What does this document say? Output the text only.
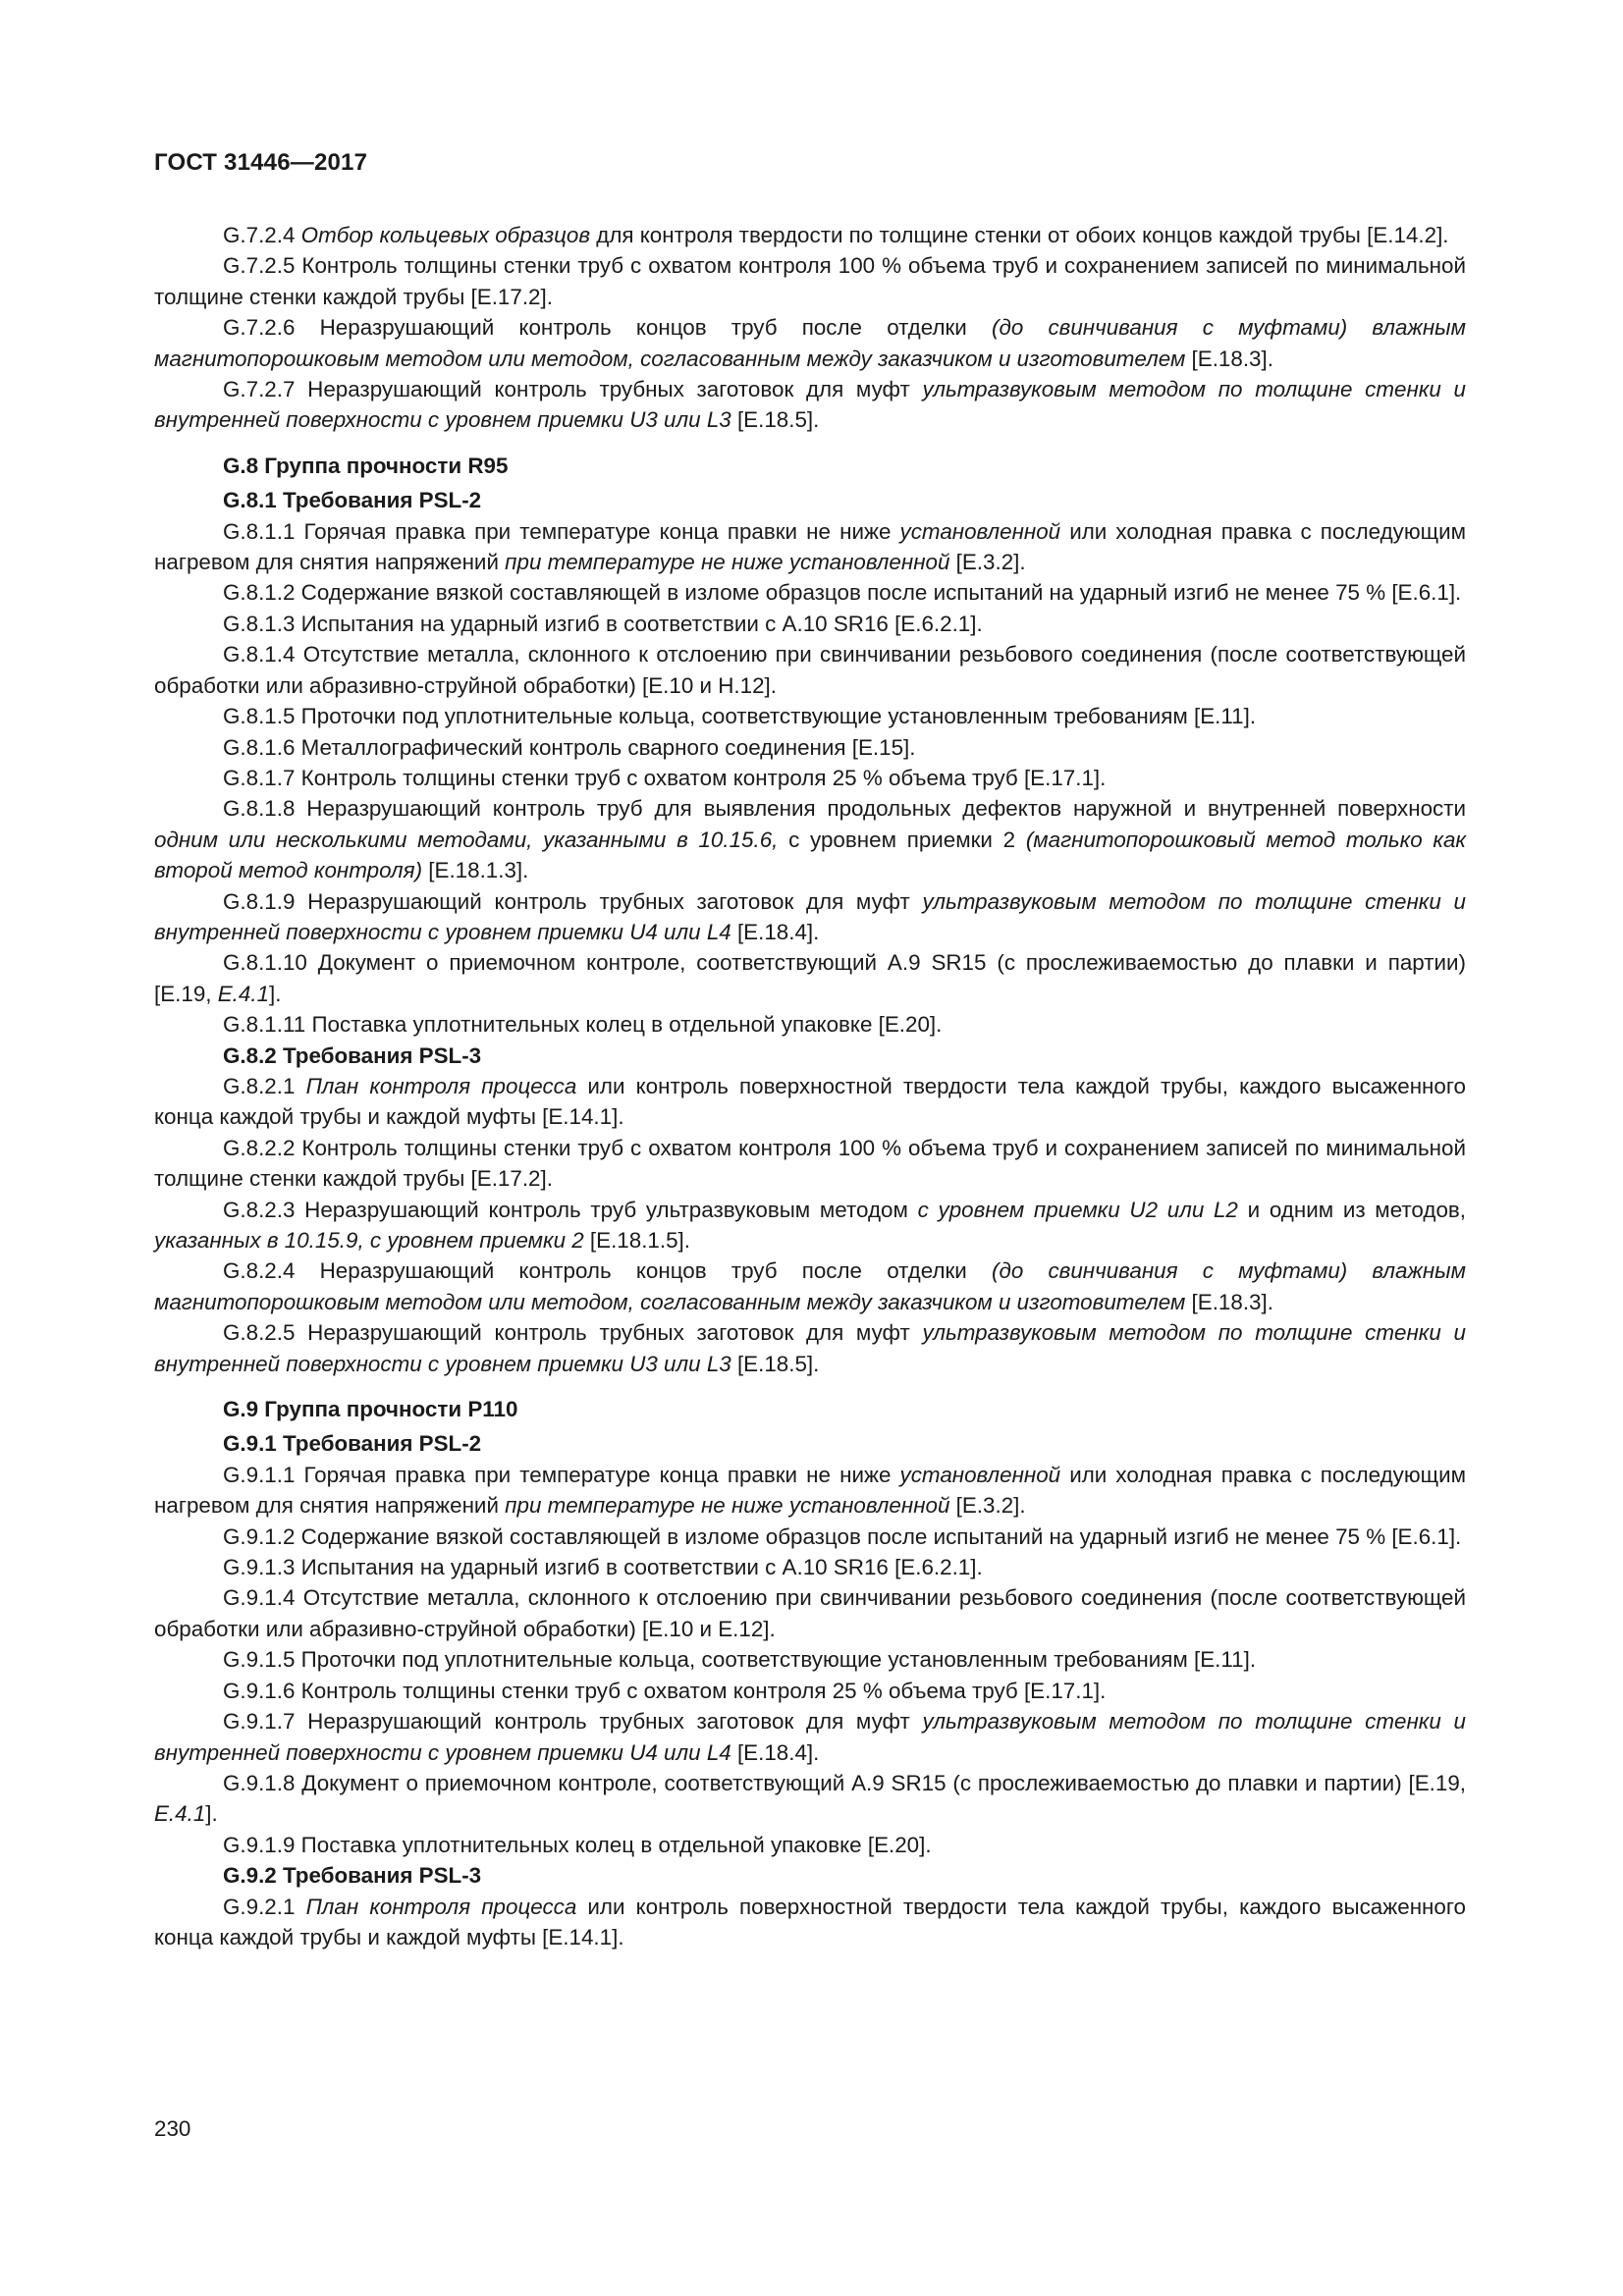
ГОСТ 31446—2017

G.7.2.4 Отбор кольцевых образцов для контроля твердости по толщине стенки от обоих концов каждой трубы [Е.14.2].

G.7.2.5 Контроль толщины стенки труб с охватом контроля 100 % объема труб и сохранением записей по минимальной толщине стенки каждой трубы [Е.17.2].

G.7.2.6 Неразрушающий контроль концов труб после отделки (до свинчивания с муфтами) влажным магнитопорошковым методом или методом, согласованным между заказчиком и изготовителем [Е.18.3].

G.7.2.7 Неразрушающий контроль трубных заготовок для муфт ультразвуковым методом по толщине стенки и внутренней поверхности с уровнем приемки U3 или L3 [Е.18.5].

G.8 Группа прочности R95
G.8.1 Требования PSL-2

G.8.1.1 Горячая правка при температуре конца правки не ниже установленной или холодная правка с последующим нагревом для снятия напряжений при температуре не ниже установленной [Е.3.2].

G.8.1.2 Содержание вязкой составляющей в изломе образцов после испытаний на ударный изгиб не менее 75 % [Е.6.1].

G.8.1.3 Испытания на ударный изгиб в соответствии с А.10 SR16 [Е.6.2.1].

G.8.1.4 Отсутствие металла, склонного к отслоению при свинчивании резьбового соединения (после соответствующей обработки или абразивно-струйной обработки) [Е.10 и Н.12].

G.8.1.5 Проточки под уплотнительные кольца, соответствующие установленным требованиям [Е.11].

G.8.1.6 Металлографический контроль сварного соединения [Е.15].

G.8.1.7 Контроль толщины стенки труб с охватом контроля 25 % объема труб [Е.17.1].

G.8.1.8 Неразрушающий контроль труб для выявления продольных дефектов наружной и внутренней поверхности одним или несколькими методами, указанными в 10.15.6, с уровнем приемки 2 (магнитопорошковый метод только как второй метод контроля) [Е.18.1.3].

G.8.1.9 Неразрушающий контроль трубных заготовок для муфт ультразвуковым методом по толщине стенки и внутренней поверхности с уровнем приемки U4 или L4 [Е.18.4].

G.8.1.10 Документ о приемочном контроле, соответствующий А.9 SR15 (с прослеживаемостью до плавки и партии) [Е.19, Е.4.1].

G.8.1.11 Поставка уплотнительных колец в отдельной упаковке [Е.20].

G.8.2 Требования PSL-3

G.8.2.1 План контроля процесса или контроль поверхностной твердости тела каждой трубы, каждого высаженного конца каждой трубы и каждой муфты [Е.14.1].

G.8.2.2 Контроль толщины стенки труб с охватом контроля 100 % объема труб и сохранением записей по минимальной толщине стенки каждой трубы [Е.17.2].

G.8.2.3 Неразрушающий контроль труб ультразвуковым методом с уровнем приемки U2 или L2 и одним из методов, указанных в 10.15.9, с уровнем приемки 2 [Е.18.1.5].

G.8.2.4 Неразрушающий контроль концов труб после отделки (до свинчивания с муфтами) влажным магнитопорошковым методом или методом, согласованным между заказчиком и изготовителем [Е.18.3].

G.8.2.5 Неразрушающий контроль трубных заготовок для муфт ультразвуковым методом по толщине стенки и внутренней поверхности с уровнем приемки U3 или L3 [Е.18.5].

G.9 Группа прочности Р110
G.9.1 Требования PSL-2

G.9.1.1 Горячая правка при температуре конца правки не ниже установленной или холодная правка с последующим нагревом для снятия напряжений при температуре не ниже установленной [Е.3.2].

G.9.1.2 Содержание вязкой составляющей в изломе образцов после испытаний на ударный изгиб не менее 75 % [Е.6.1].

G.9.1.3 Испытания на ударный изгиб в соответствии с А.10 SR16 [Е.6.2.1].

G.9.1.4 Отсутствие металла, склонного к отслоению при свинчивании резьбового соединения (после соответствующей обработки или абразивно-струйной обработки) [Е.10 и Е.12].

G.9.1.5 Проточки под уплотнительные кольца, соответствующие установленным требованиям [Е.11].

G.9.1.6 Контроль толщины стенки труб с охватом контроля 25 % объема труб [Е.17.1].

G.9.1.7 Неразрушающий контроль трубных заготовок для муфт ультразвуковым методом по толщине стенки и внутренней поверхности с уровнем приемки U4 или L4 [Е.18.4].

G.9.1.8 Документ о приемочном контроле, соответствующий А.9 SR15 (с прослеживаемостью до плавки и партии) [Е.19, Е.4.1].

G.9.1.9 Поставка уплотнительных колец в отдельной упаковке [Е.20].

G.9.2 Требования PSL-3

G.9.2.1 План контроля процесса или контроль поверхностной твердости тела каждой трубы, каждого высаженного конца каждой трубы и каждой муфты [Е.14.1].

230
